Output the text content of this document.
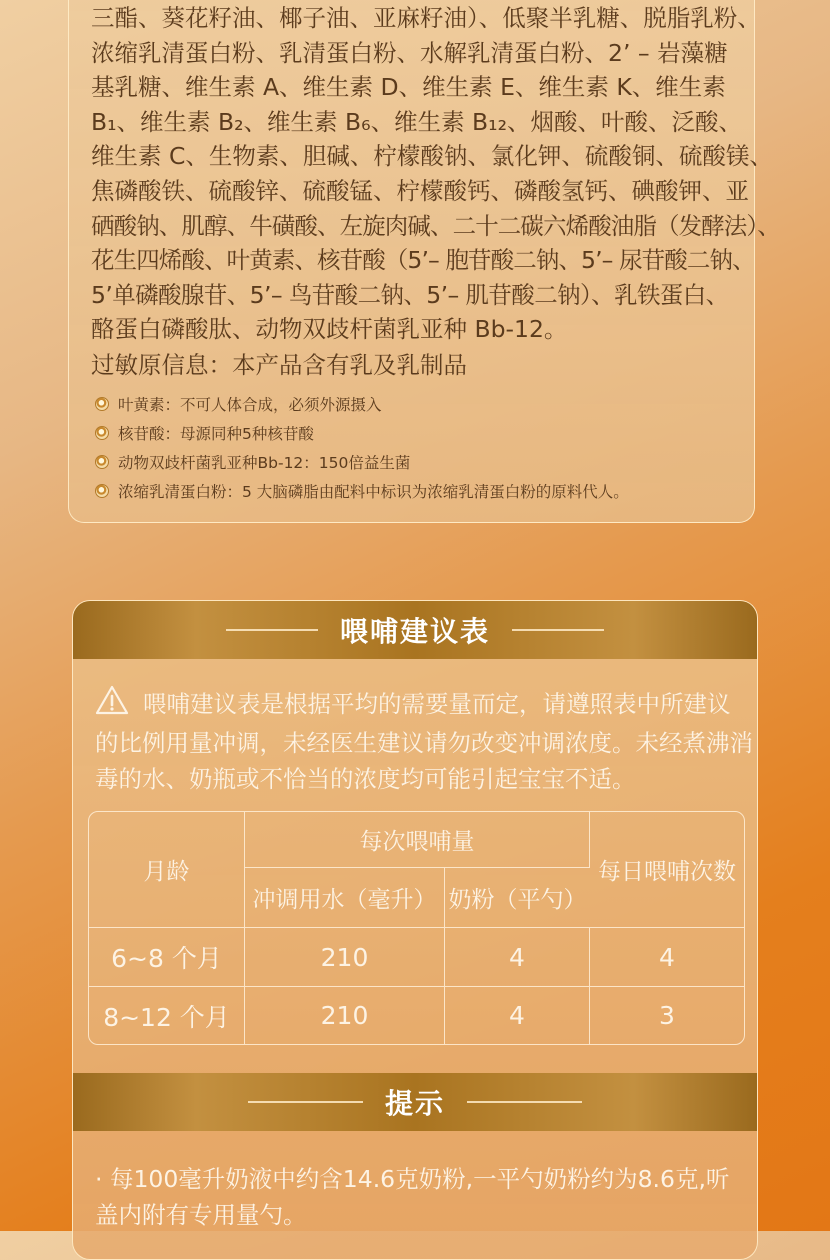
三酯、葵花籽油、椰子油、亚麻籽油）、低聚半乳糖、脱脂乳粉、
浓缩乳清蛋白粉、乳清蛋白粉、水解乳清蛋白粉、2’ – 岩藻糖
基乳糖、维生素 A、维生素 D、维生素 E、维生素 K、维生素
B₁、维生素 B₂、维生素 B₆、维生素 B₁₂、烟酸、叶酸、泛酸、
维生素 C、生物素、胆碱、柠檬酸钠、氯化钾、硫酸铜、硫酸镁、
焦磷酸铁、硫酸锌、硫酸锰、柠檬酸钙、磷酸氢钙、碘酸钾、亚
硒酸钠、肌醇、牛磺酸、左旋肉碱、二十二碳六烯酸油脂（发酵法）、
花生四烯酸、叶黄素、核苷酸（5’– 胞苷酸二钠、5’– 尿苷酸二钠、
5’单磷酸腺苷、5’– 鸟苷酸二钠、5’– 肌苷酸二钠）、乳铁蛋白、
酪蛋白磷酸肽、动物双歧杆菌乳亚种 Bb-12。
过敏原信息：本产品含有乳及乳制品
叶黄素：不可人体合成，必须外源摄入
核苷酸：母源同种5种核苷酸
动物双歧杆菌乳亚种Bb-12：150倍益生菌
浓缩乳清蛋白粉：5 大脑磷脂由配料中标识为浓缩乳清蛋白粉的原料代人。
喂哺建议表
喂哺建议表是根据平均的需要量而定，请遵照表中所建议
的比例用量冲调，未经医生建议请勿改变冲调浓度。未经煮沸消
毒的水、奶瓶或不恰当的浓度均可能引起宝宝不适。
月龄	每次喂哺量		每日喂哺次数
	冲调用水（毫升）	奶粉（平勺）	
6~8 个月	210	4	4
8~12 个月	210	4	3
提示
· 每100毫升奶液中约含14.6克奶粉,一平勺奶粉约为8.6克,听
盖内附有专用量勺。
